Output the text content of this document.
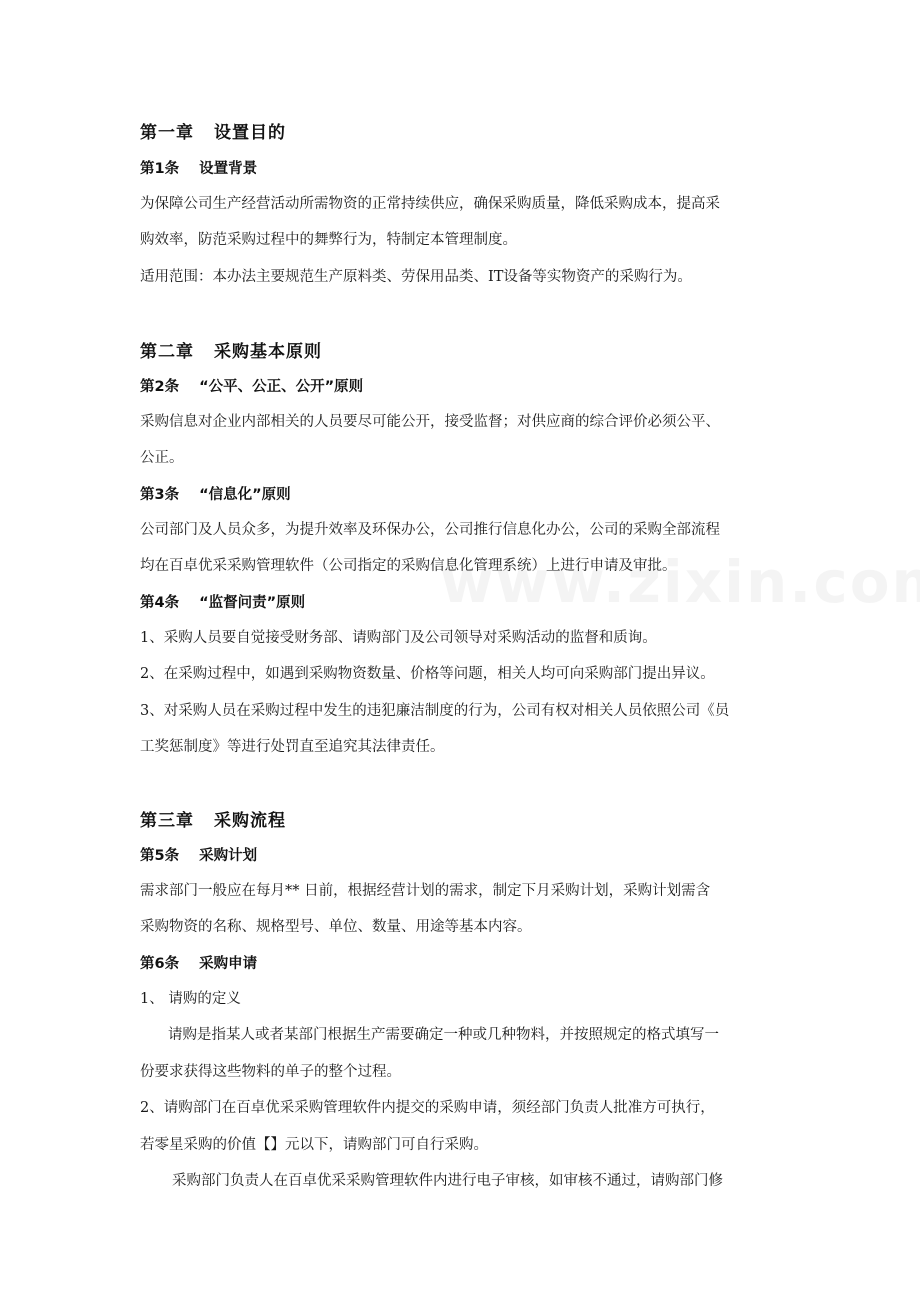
第一章 设置目的
第1条 设置背景
为保障公司生产经营活动所需物资的正常持续供应，确保采购质量，降低采购成本，提高采
购效率，防范采购过程中的舞弊行为，特制定本管理制度。
适用范围：本办法主要规范生产原料类、劳保用品类、IT设备等实物资产的采购行为。
第二章 采购基本原则
第2条 “公平、公正、公开”原则
采购信息对企业内部相关的人员要尽可能公开，接受监督；对供应商的综合评价必须公平、
公正。
第3条 “信息化”原则
公司部门及人员众多，为提升效率及环保办公，公司推行信息化办公，公司的采购全部流程
均在百卓优采采购管理软件（公司指定的采购信息化管理系统）上进行申请及审批。
第4条 “监督问责”原则
1、采购人员要自觉接受财务部、请购部门及公司领导对采购活动的监督和质询。
2、在采购过程中，如遇到采购物资数量、价格等问题，相关人均可向采购部门提出异议。
3、对采购人员在采购过程中发生的违犯廉洁制度的行为，公司有权对相关人员依照公司《员
工奖惩制度》等进行处罚直至追究其法律责任。
第三章 采购流程
第5条 采购计划
需求部门一般应在每月** 日前，根据经营计划的需求，制定下月采购计划，采购计划需含
采购物资的名称、规格型号、单位、数量、用途等基本内容。
第6条 采购申请
1、 请购的定义
请购是指某人或者某部门根据生产需要确定一种或几种物料，并按照规定的格式填写一
份要求获得这些物料的单子的整个过程。
2、请购部门在百卓优采采购管理软件内提交的采购申请，须经部门负责人批准方可执行，
若零星采购的价值【】元以下，请购部门可自行采购。
采购部门负责人在百卓优采采购管理软件内进行电子审核，如审核不通过，请购部门修
